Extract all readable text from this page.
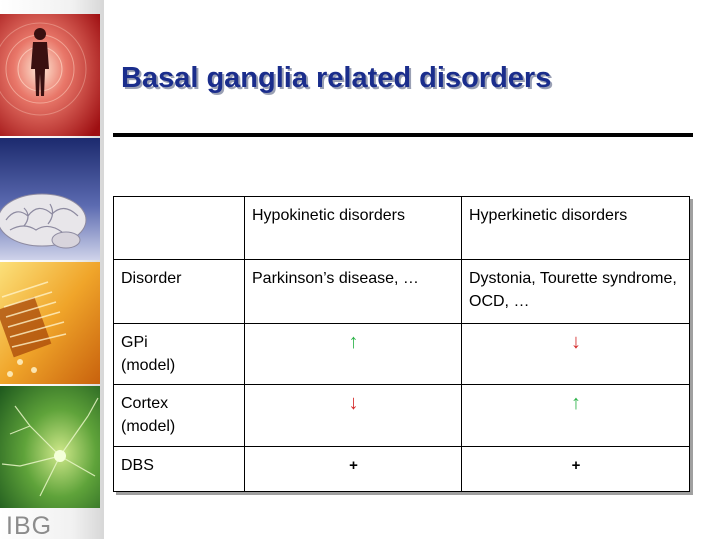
IBG
Basal ganglia related disorders
	Hypokinetic disorders	Hyperkinetic disorders
Disorder	Parkinson’s disease, …	Dystonia, Tourette syndrome, OCD, …

GPi
(model)	↑	↓

Cortex
(model)	↓	↑
DBS	+	+
